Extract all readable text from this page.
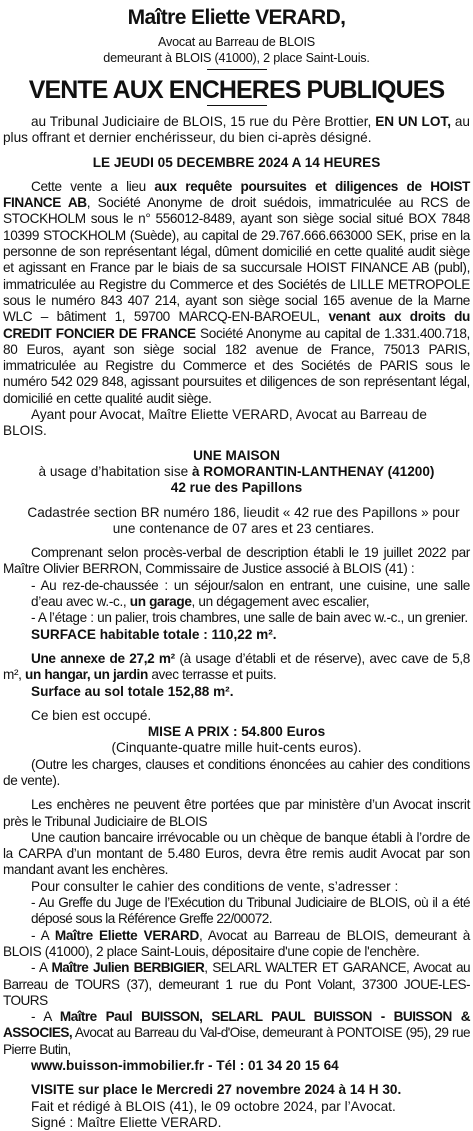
Maître Eliette VERARD,
Avocat au Barreau de BLOIS
demeurant à BLOIS (41000), 2 place Saint-Louis.
VENTE AUX ENCHERES PUBLIQUES

au Tribunal Judiciaire de BLOIS, 15 rue du Père Brottier, EN UN LOT, au plus offrant et dernier enchérisseur, du bien ci-après désigné.

LE JEUDI 05 DECEMBRE 2024 A 14 HEURES

Cette vente a lieu aux requête poursuites et diligences de HOIST FINANCE AB, Société Anonyme de droit suédois, immatriculée au RCS de STOCKHOLM sous le n° 556012-8489, ayant son siège social situé BOX 7848 10399 STOCKHOLM (Suède), au capital de 29.767.666.663000 SEK, prise en la personne de son représentant légal, dûment domicilié en cette qualité audit siège et agissant en France par le biais de sa succursale HOIST FINANCE AB (publ), immatriculée au Registre du Commerce et des Sociétés de LILLE METROPOLE sous le numéro 843 407 214, ayant son siège social 165 avenue de la Marne WLC – bâtiment 1, 59700 MARCQ-EN-BAROEUL, venant aux droits du CREDIT FONCIER DE FRANCE Société Anonyme au capital de 1.331.400.718, 80 Euros, ayant son siège social 182 avenue de France, 75013 PARIS, immatriculée au Registre du Commerce et des Sociétés de PARIS sous le numéro 542 029 848, agissant poursuites et diligences de son représentant légal, domicilié en cette qualité audit siège.

Ayant pour Avocat, Maître Eliette VERARD, Avocat au Barreau de BLOIS.

UNE MAISON

à usage d’habitation sise à ROMORANTIN-LANTHENAY (41200)

42 rue des Papillons

Cadastrée section BR numéro 186, lieudit « 42 rue des Papillons » pour une contenance de 07 ares et 23 centiares.

Comprenant selon procès-verbal de description établi le 19 juillet 2022 par Maître Olivier BERRON, Commissaire de Justice associé à BLOIS (41) :

- Au rez-de-chaussée : un séjour/salon en entrant, une cuisine, une salle d’eau avec w.-c., un garage, un dégagement avec escalier,

- A l’étage : un palier, trois chambres, une salle de bain avec w.-c., un grenier.

SURFACE habitable totale : 110,22 m².

Une annexe de 27,2 m² (à usage d’établi et de réserve), avec cave de 5,8 m², un hangar, un jardin avec terrasse et puits.

Surface au sol totale 152,88 m².

Ce bien est occupé.

MISE A PRIX : 54.800 Euros

(Cinquante-quatre mille huit-cents euros).

(Outre les charges, clauses et conditions énoncées au cahier des conditions de vente).

Les enchères ne peuvent être portées que par ministère d’un Avocat inscrit près le Tribunal Judiciaire de BLOIS

Une caution bancaire irrévocable ou un chèque de banque établi à l’ordre de la CARPA d’un montant de 5.480 Euros, devra être remis audit Avocat par son mandant avant les enchères.

Pour consulter le cahier des conditions de vente, s’adresser :

- Au Greffe du Juge de l’Exécution du Tribunal Judiciaire de BLOIS, où il a été déposé sous la Référence Greffe 22/00072.

- A Maître Eliette VERARD, Avocat au Barreau de BLOIS, demeurant à BLOIS (41000), 2 place Saint-Louis, dépositaire d'une copie de l'enchère.

- A Maître Julien BERBIGIER, SELARL WALTER ET GARANCE, Avocat au Barreau de TOURS (37), demeurant 1 rue du Pont Volant, 37300 JOUE-LES-TOURS

- A Maître Paul BUISSON, SELARL PAUL BUISSON - BUISSON & ASSOCIES, Avocat au Barreau du Val-d'Oise, demeurant à PONTOISE (95), 29 rue Pierre Butin,

www.buisson-immobilier.fr - Tél : 01 34 20 15 64

VISITE sur place le Mercredi 27 novembre 2024 à 14 H 30.

Fait et rédigé à BLOIS (41), le 09 octobre 2024, par l’Avocat.

Signé : Maître Eliette VERARD.
